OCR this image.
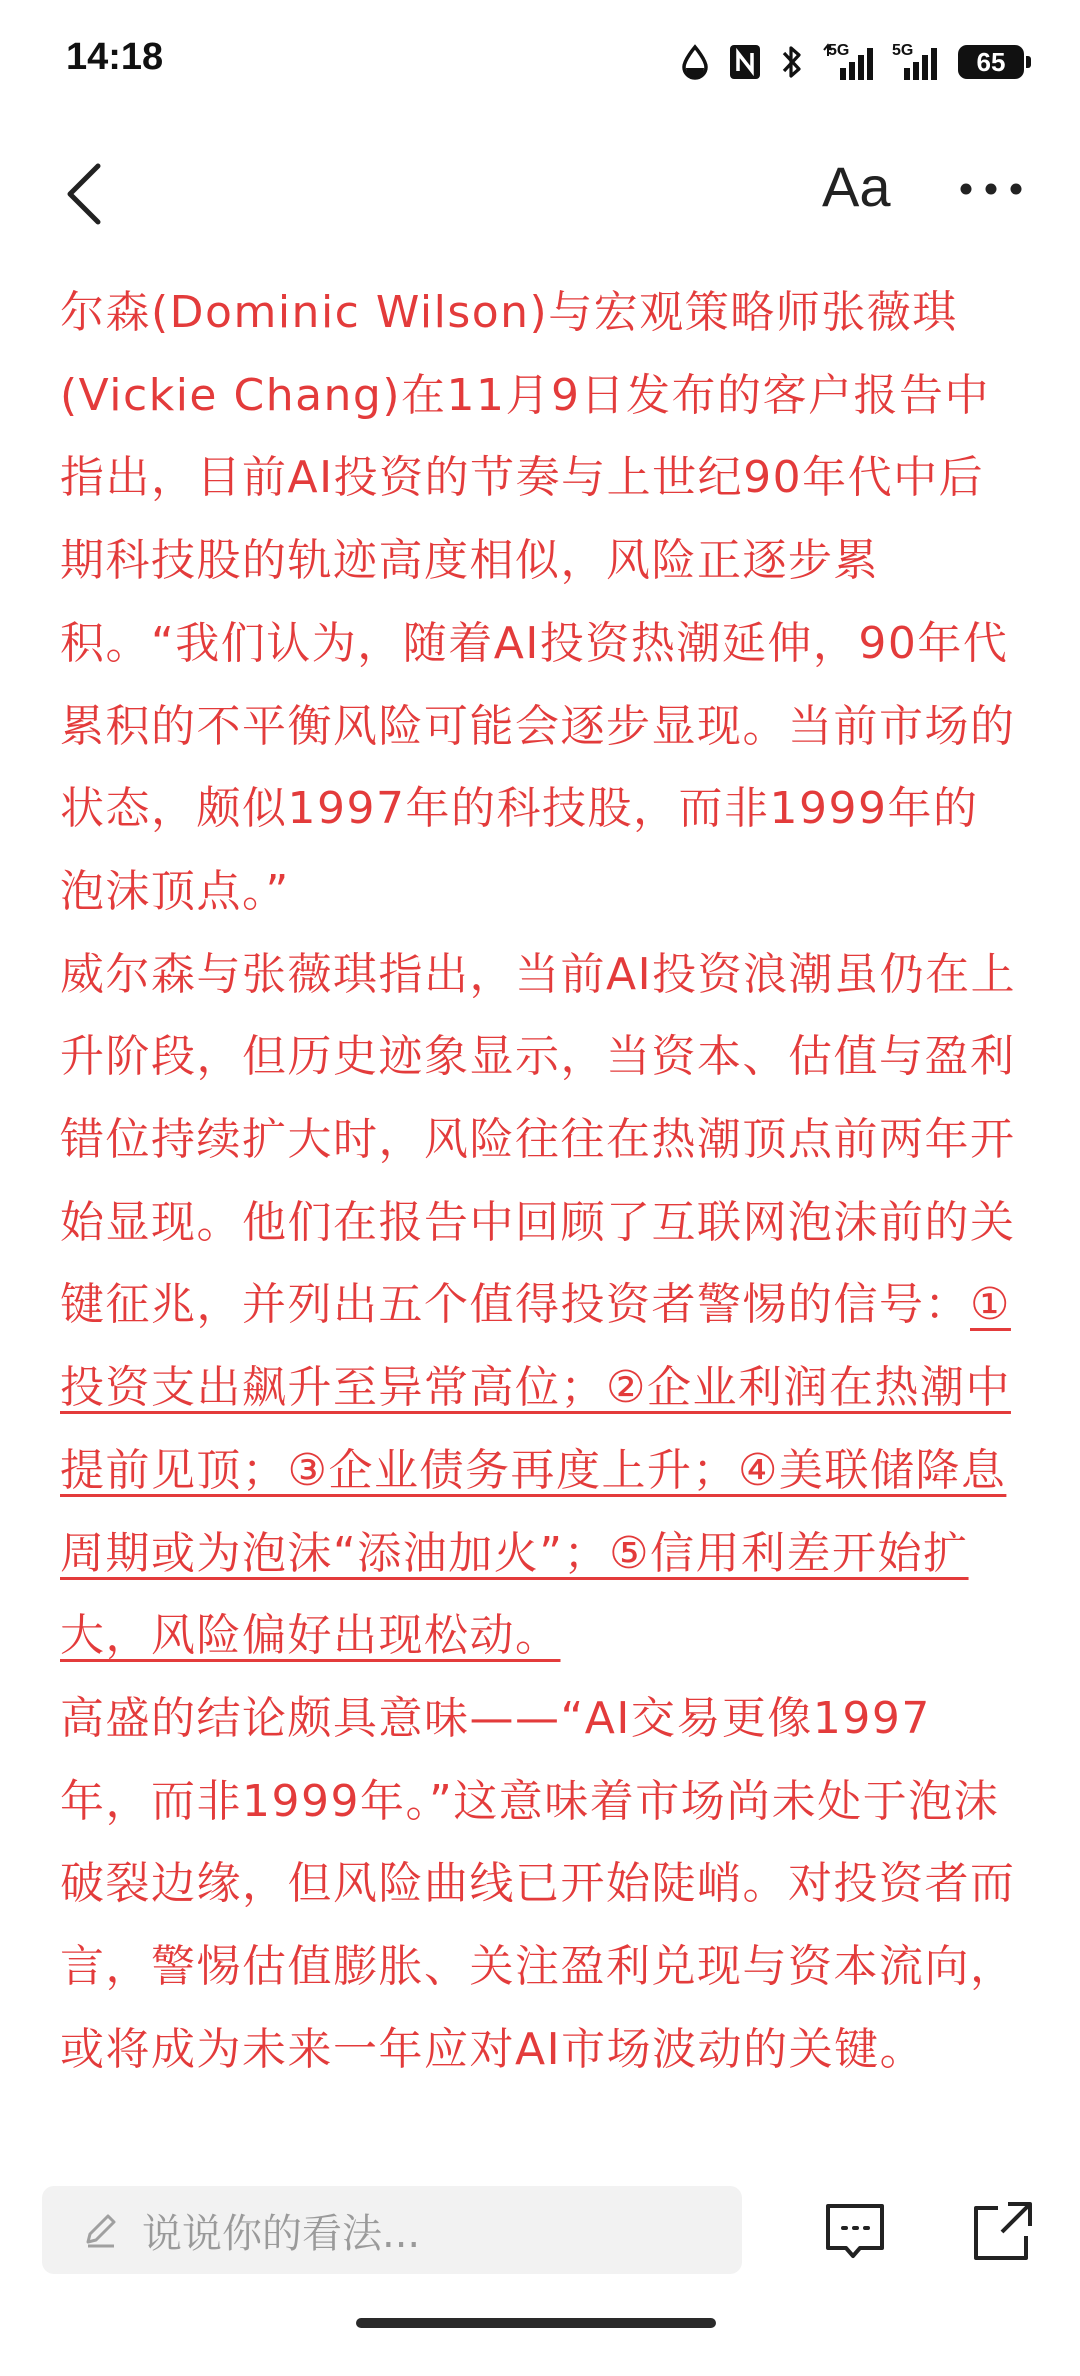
14:18	5G	5G 65
Aa

尔森(Dominic Wilson)与宏观策略师张薇琪(Vickie Chang)在11月9日发布的客户报告中指出，目前AI投资的节奏与上世纪90年代中后期科技股的轨迹高度相似，风险正逐步累积。“我们认为，随着AI投资热潮延伸，90年代累积的不平衡风险可能会逐步显现。当前市场的状态，颇似1997年的科技股，而非1999年的泡沫顶点。”

威尔森与张薇琪指出，当前AI投资浪潮虽仍在上升阶段，但历史迹象显示，当资本、估值与盈利错位持续扩大时，风险往往在热潮顶点前两年开始显现。他们在报告中回顾了互联网泡沫前的关键征兆，并列出五个值得投资者警惕的信号：①投资支出飙升至异常高位；②企业利润在热潮中提前见顶；③企业债务再度上升；④美联储降息周期或为泡沫“添油加火”；⑤信用利差开始扩大，风险偏好出现松动。

高盛的结论颇具意味——“AI交易更像1997年，而非1999年。”这意味着市场尚未处于泡沫破裂边缘，但风险曲线已开始陡峭。对投资者而言，警惕估值膨胀、关注盈利兑现与资本流向，或将成为未来一年应对AI市场波动的关键。

说说你的看法...
